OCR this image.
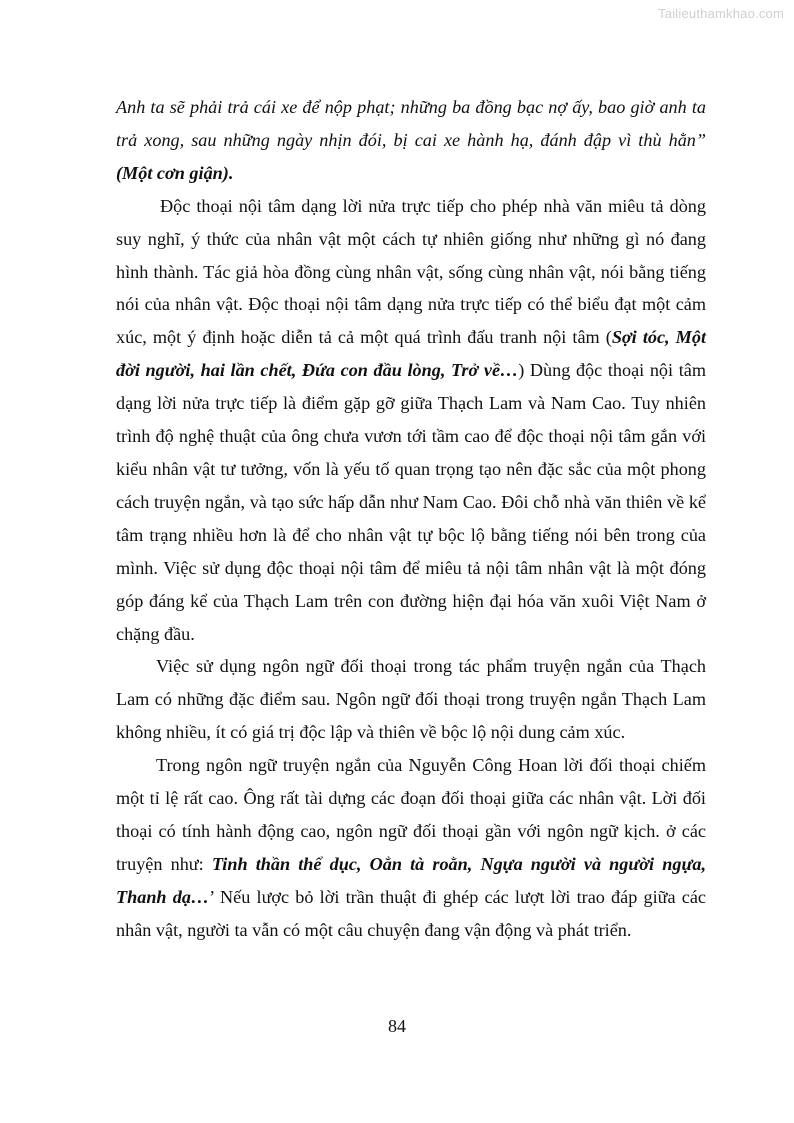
Tailieuthamkhao.com

Anh ta sẽ phải trả cái xe để nộp phạt; những ba đồng bạc nợ ấy, bao giờ anh ta trả xong, sau những ngày nhịn đói, bị cai xe hành hạ, đánh đập vì thù hằn” (Một cơn giận).

Độc thoại nội tâm dạng lời nửa trực tiếp cho phép nhà văn miêu tả dòng suy nghĩ, ý thức của nhân vật một cách tự nhiên giống như những gì nó đang hình thành. Tác giả hòa đồng cùng nhân vật, sống cùng nhân vật, nói bằng tiếng nói của nhân vật. Độc thoại nội tâm dạng nửa trực tiếp có thể biểu đạt một cảm xúc, một ý định hoặc diễn tả cả một quá trình đấu tranh nội tâm (Sợi tóc, Một đời người, hai lần chết, Đứa con đầu lòng, Trở về…) Dùng độc thoại nội tâm dạng lời nửa trực tiếp là điểm gặp gỡ giữa Thạch Lam và Nam Cao. Tuy nhiên trình độ nghệ thuật của ông chưa vươn tới tầm cao để độc thoại nội tâm gắn với kiểu nhân vật tư tưởng, vốn là yếu tố quan trọng tạo nên đặc sắc của một phong cách truyện ngắn, và tạo sức hấp dẫn như Nam Cao. Đôi chỗ nhà văn thiên về kể tâm trạng nhiều hơn là để cho nhân vật tự bộc lộ bằng tiếng nói bên trong của mình. Việc sử dụng độc thoại nội tâm để miêu tả nội tâm nhân vật là một đóng góp đáng kể của Thạch Lam trên con đường hiện đại hóa văn xuôi Việt Nam ở chặng đầu.

Việc sử dụng ngôn ngữ đối thoại trong tác phẩm truyện ngắn của Thạch Lam có những đặc điểm sau. Ngôn ngữ đối thoại trong truyện ngắn Thạch Lam không nhiều, ít có giá trị độc lập và thiên về bộc lộ nội dung cảm xúc.

Trong ngôn ngữ truyện ngắn của Nguyễn Công Hoan lời đối thoại chiếm một tỉ lệ rất cao. Ông rất tài dựng các đoạn đối thoại giữa các nhân vật. Lời đối thoại có tính hành động cao, ngôn ngữ đối thoại gần với ngôn ngữ kịch. ở các truyện như: Tinh thần thể dục, Oẳn tà roằn, Ngựa người và người ngựa, Thanh dạ…’ Nếu lược bỏ lời trần thuật đi ghép các lượt lời trao đáp giữa các nhân vật, người ta vẫn có một câu chuyện đang vận động và phát triển.

84
